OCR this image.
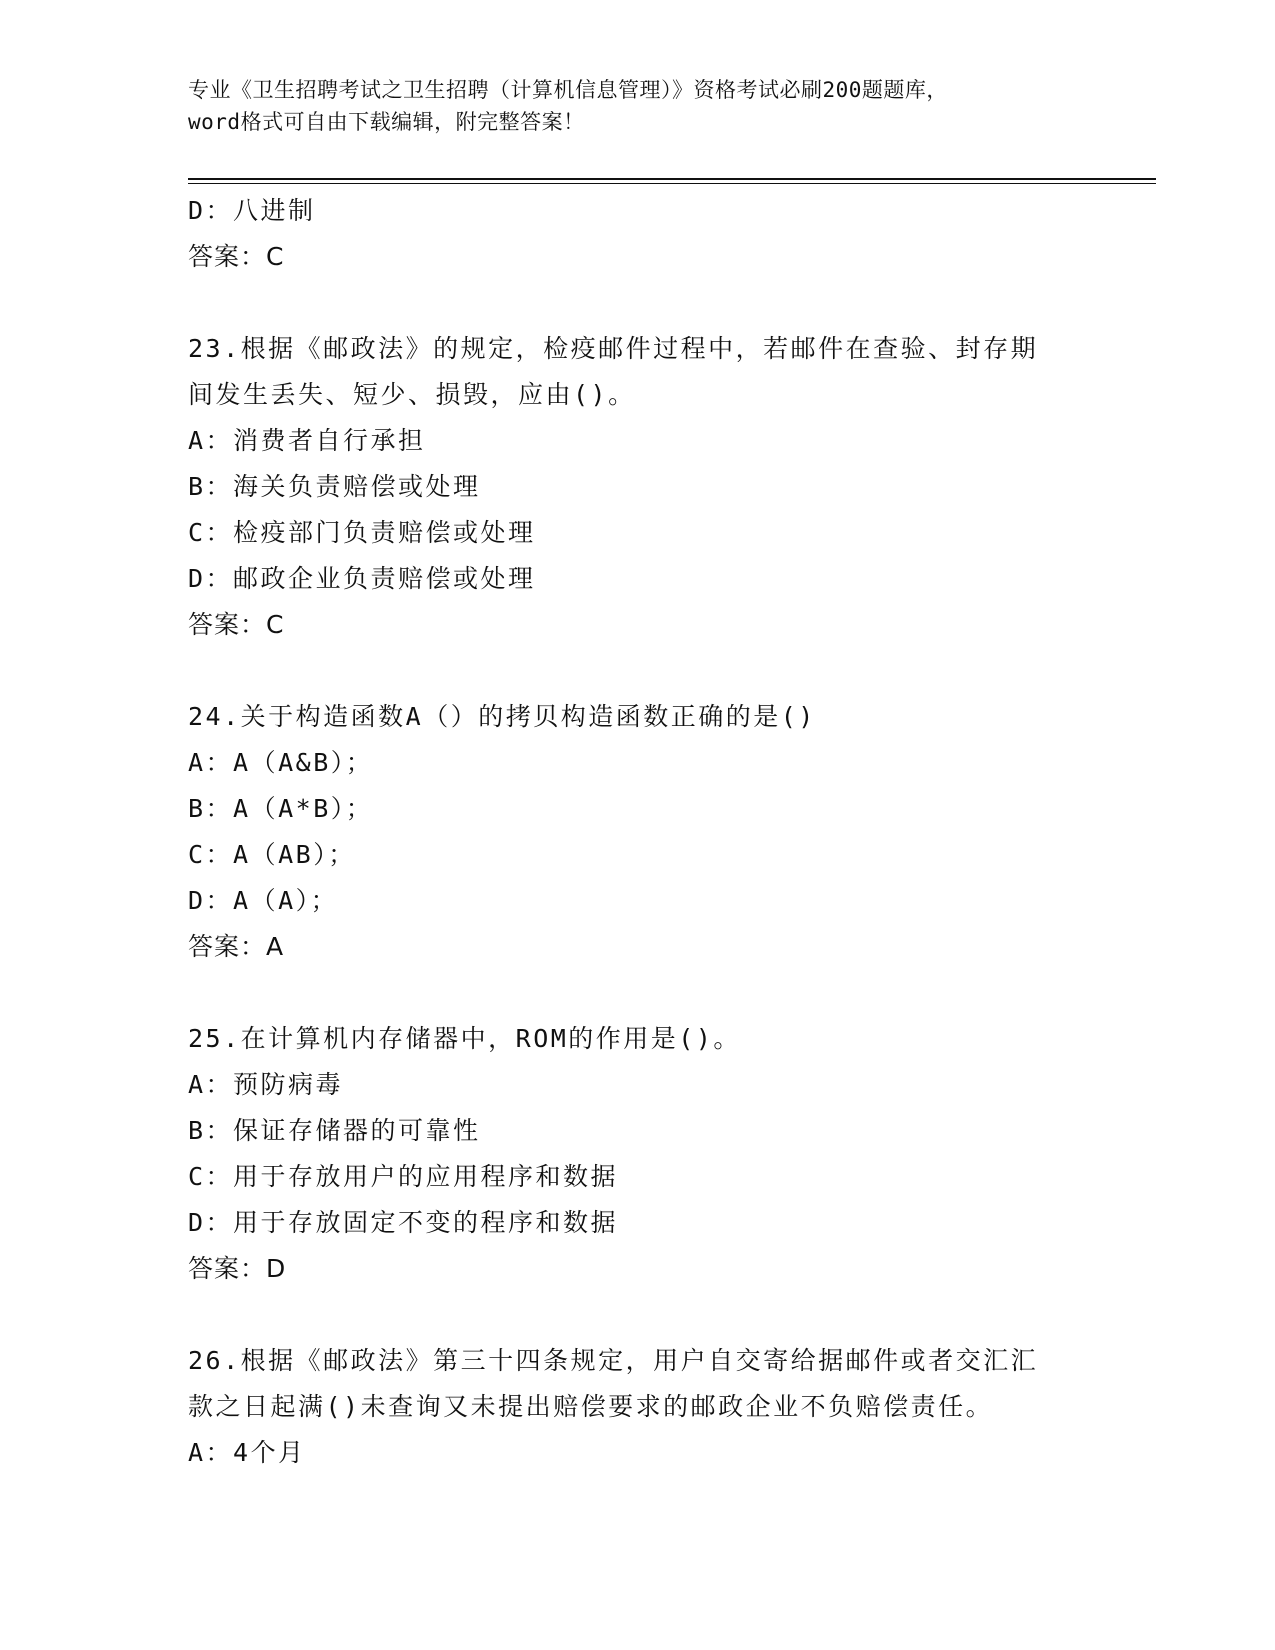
专业《卫生招聘考试之卫生招聘（计算机信息管理）》资格考试必刷200题题库，
word格式可自由下载编辑，附完整答案！
D：八进制
答案：C
23.根据《邮政法》的规定，检疫邮件过程中，若邮件在查验、封存期
间发生丢失、短少、损毁，应由()。
A：消费者自行承担
B：海关负责赔偿或处理
C：检疫部门负责赔偿或处理
D：邮政企业负责赔偿或处理
答案：C
24.关于构造函数A（）的拷贝构造函数正确的是()
A：A（A&B）；
B：A（A*B）；
C：A（AB）；
D：A（A）；
答案：A
25.在计算机内存储器中，ROM的作用是()。
A：预防病毒
B：保证存储器的可靠性
C：用于存放用户的应用程序和数据
D：用于存放固定不变的程序和数据
答案：D
26.根据《邮政法》第三十四条规定，用户自交寄给据邮件或者交汇汇
款之日起满()未查询又未提出赔偿要求的邮政企业不负赔偿责任。
A：4个月
